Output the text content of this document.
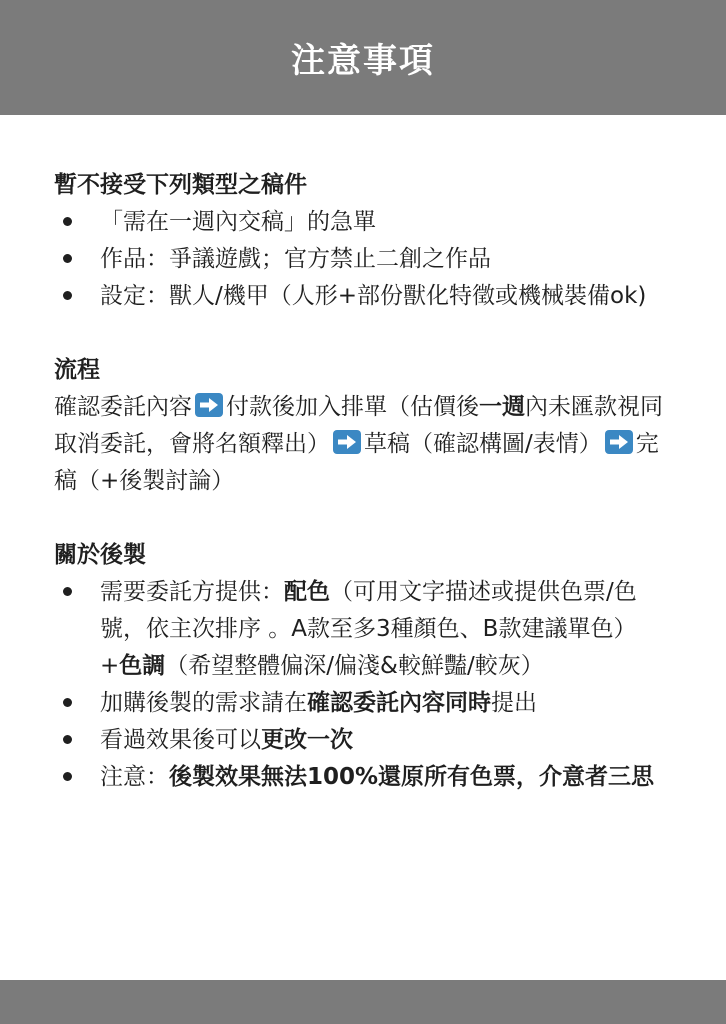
注意事項

暫不接受下列類型之稿件

「需在一週內交稿」的急單
作品：爭議遊戲；官方禁止二創之作品
設定：獸人/機甲（人形+部份獸化特徵或機械裝備ok)

流程

確認委託內容 付款後加入排單（估價後一週內未匯款視同取消委託，會將名額釋出） 草稿（確認構圖/表情） 完稿（+後製討論）

關於後製

需要委託方提供：配色（可用文字描述或提供色票/色號，依主次排序 。A款至多3種顏色、B款建議單色）+色調（希望整體偏深/偏淺&較鮮豔/較灰）
加購後製的需求請在確認委託內容同時提出
看過效果後可以更改一次
注意：後製效果無法100%還原所有色票，介意者三思
